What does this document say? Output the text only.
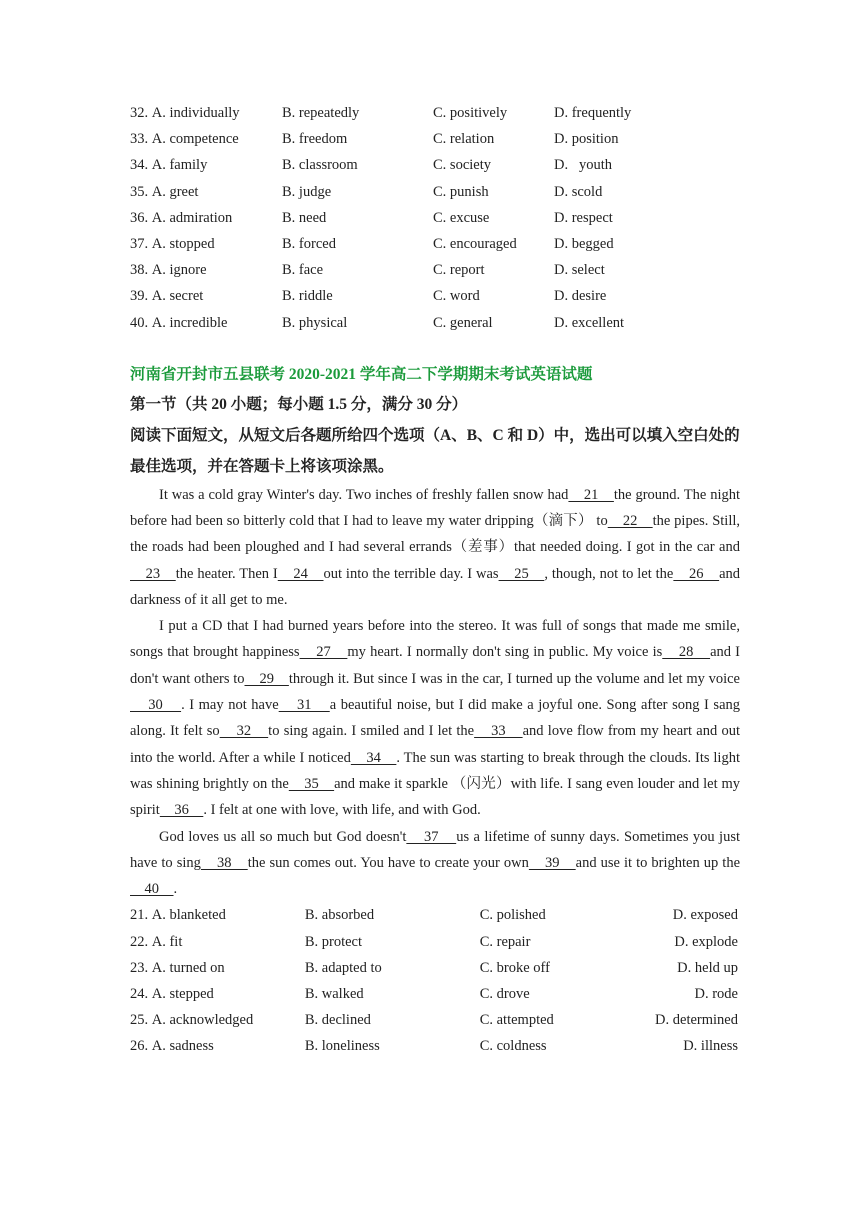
32. A. individually	B. repeatedly	C. positively	D. frequently
33. A. competence	B. freedom	C. relation	D. position
34. A. family	B. classroom	C. society	D.   youth
35. A. greet	B. judge	C. punish	D. scold
36. A. admiration	B. need	C. excuse	D. respect
37. A. stopped	B. forced	C. encouraged	D. begged
38. A. ignore	B. face	C. report	D. select
39. A. secret	B. riddle	C. word	D. desire
40. A. incredible	B. physical	C. general	D. excellent
河南省开封市五县联考 2020-2021 学年高二下学期期末考试英语试题
第一节（共 20 小题；每小题 1.5 分，满分 30 分）
阅读下面短文，从短文后各题所给四个选项（A、B、C 和 D）中，选出可以填入空白处的最佳选项，并在答题卡上将该项涂黑。

It was a cold gray Winter's day. Two inches of freshly fallen snow had    21    the ground. The night before had been so bitterly cold that I had to leave my water dripping（滴下） to    22    the pipes. Still, the roads had been ploughed and I had several errands（差事）that needed doing. I got in the car and    23    the heater. Then I    24    out into the terrible day. I was    25    , though, not to let the    26    and darkness of it all get to me.

I put a CD that I had burned years before into the stereo. It was full of songs that made me smile, songs that brought happiness    27    my heart. I normally don't sing in public. My voice is    28    and I don't want others to    29    through it. But since I was in the car, I turned up the volume and let my voice    30    . I may not have    31    a beautiful noise, but I did make a joyful one. Song after song I sang along. It felt so    32    to sing again. I smiled and I let the    33    and love flow from my heart and out into the world. After a while I noticed    34    . The sun was starting to break through the clouds. Its light was shining brightly on the    35    and make it sparkle （闪光）with life. I sang even louder and let my spirit    36    . I felt at one with love, with life, and with God.

God loves us all so much but God doesn't    37    us a lifetime of sunny days. Sometimes you just have to sing    38    the sun comes out. You have to create your own    39    and use it to brighten up the    40    .

21. A. blanketed	B. absorbed	C. polished	D. exposed
22. A. fit	B. protect	C. repair	D. explode
23. A. turned on	B. adapted to	C. broke off	D. held up
24. A. stepped	B. walked	C. drove	D. rode
25. A. acknowledged	B. declined	C. attempted	D. determined
26. A. sadness	B. loneliness	C. coldness	D. illness
